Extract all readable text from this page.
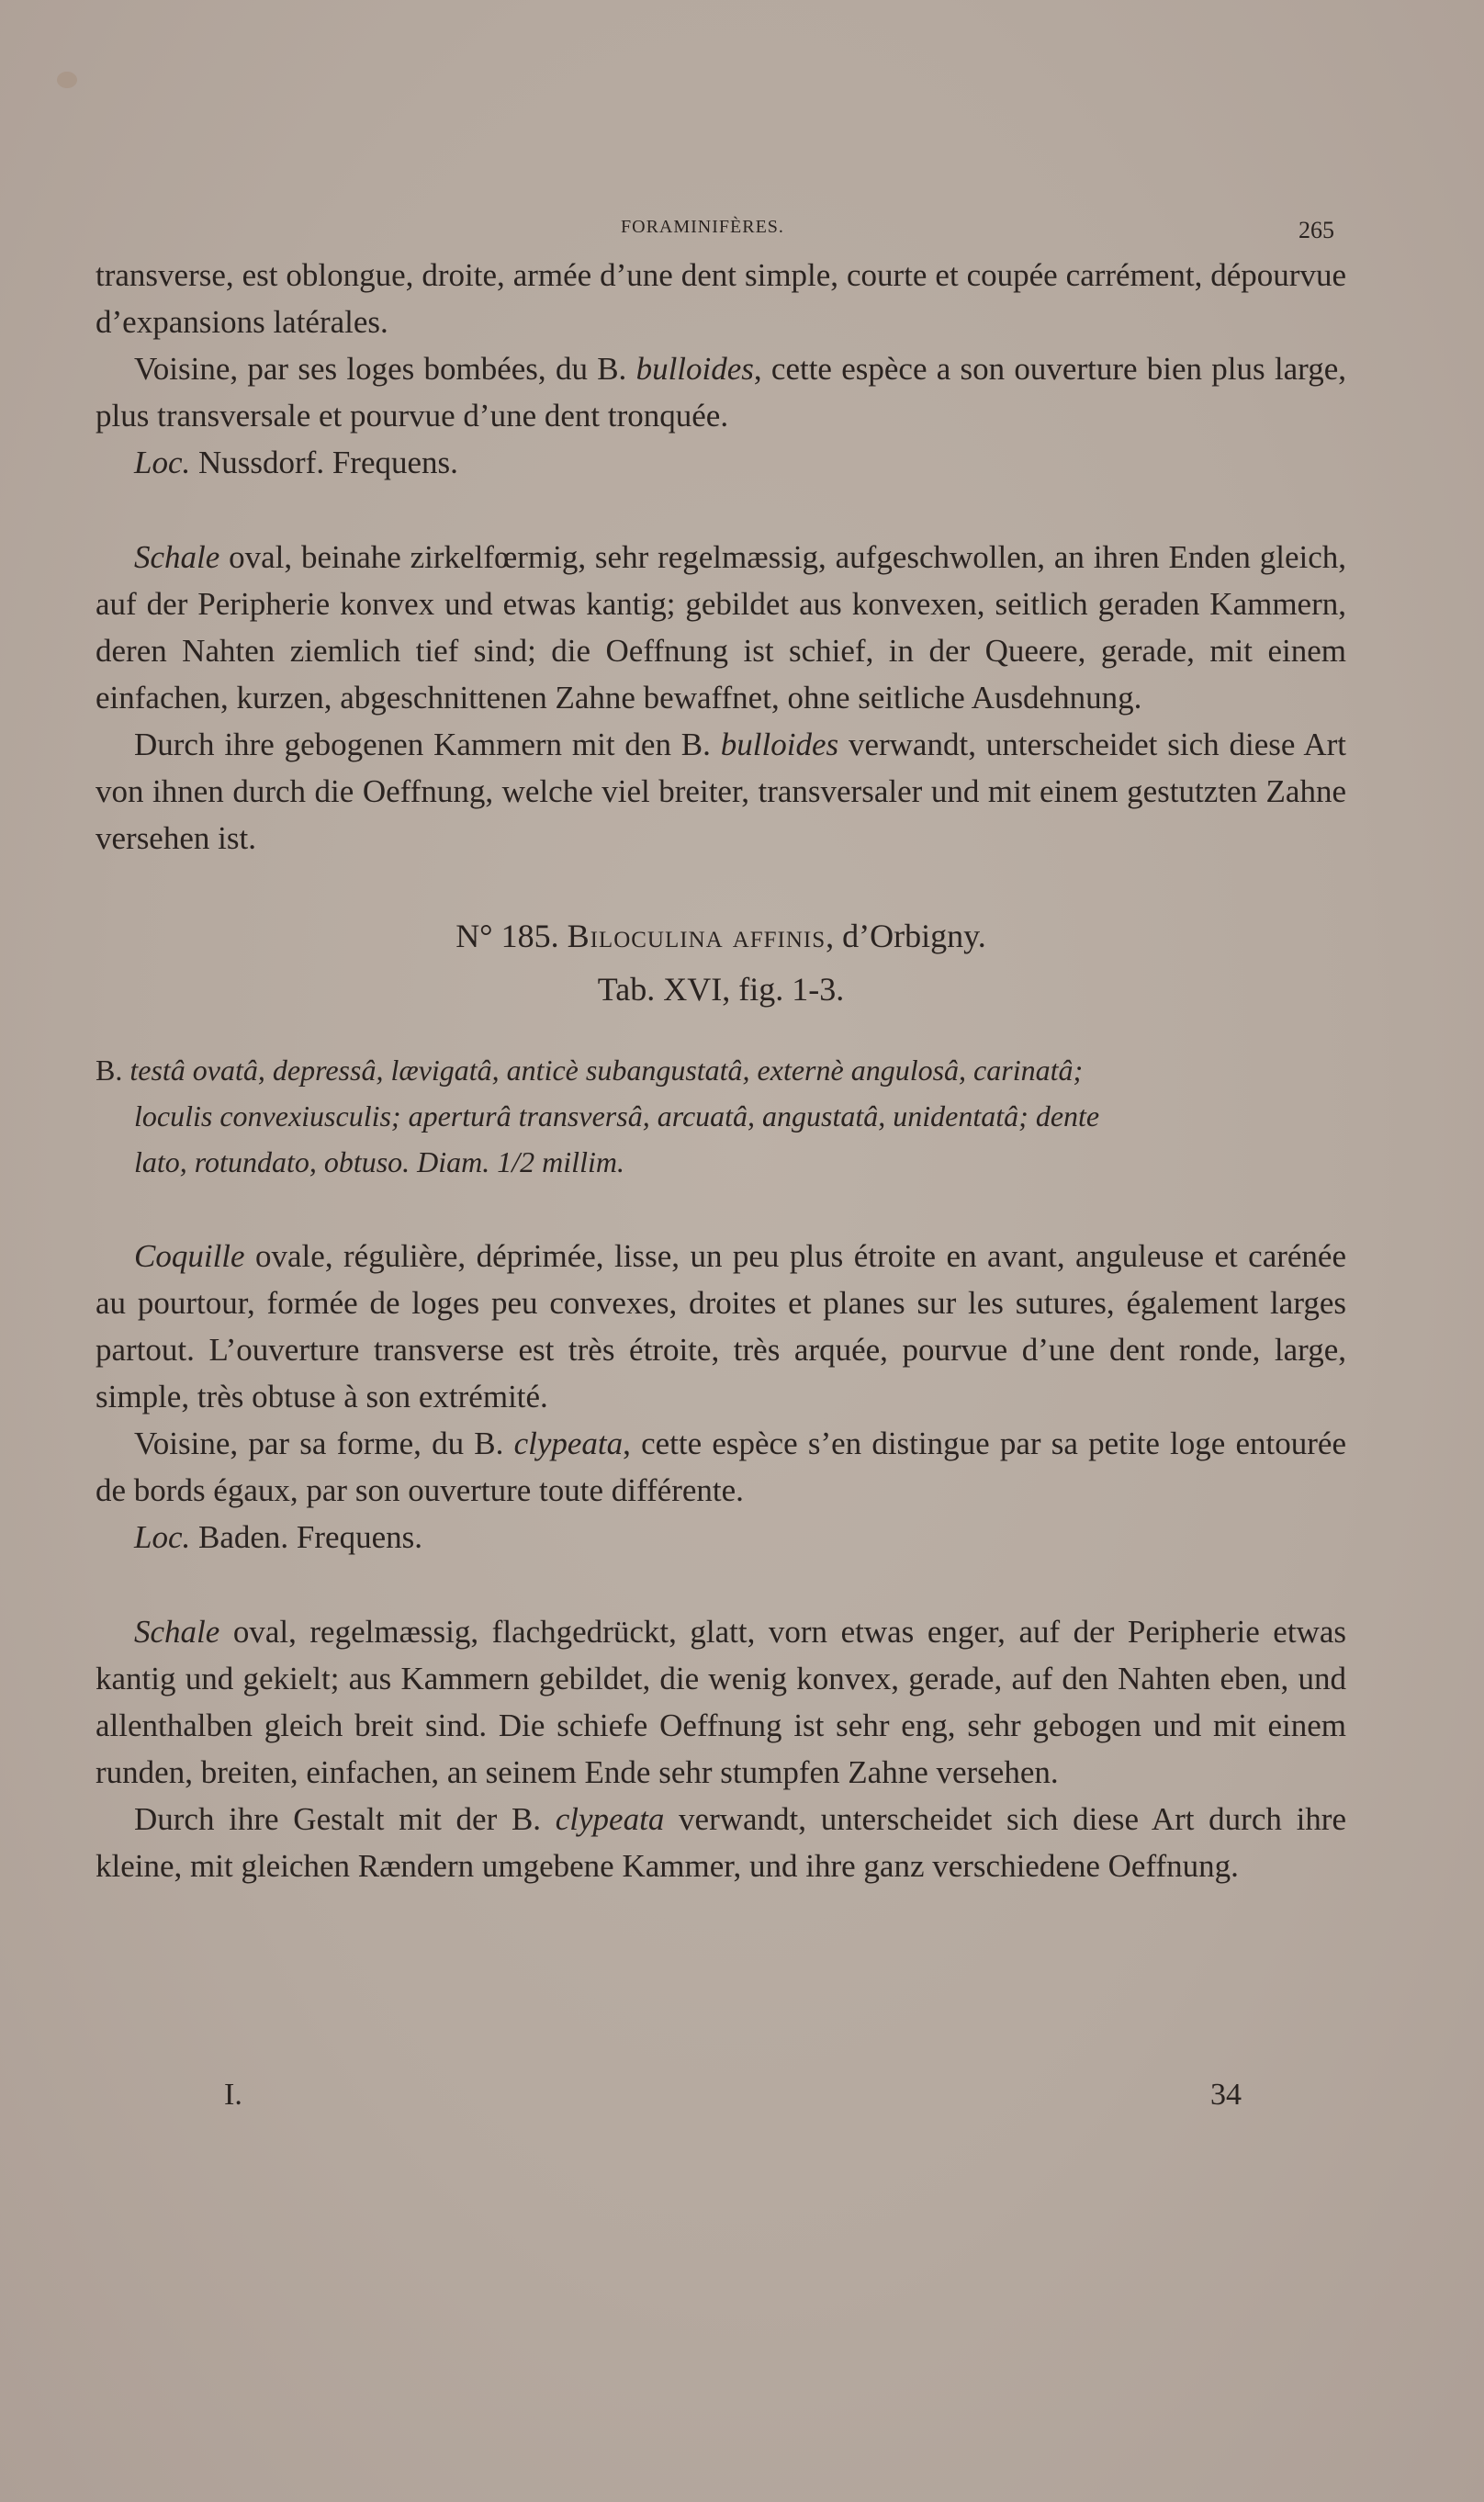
FORAMINIFÈRES.	265

transverse, est oblongue, droite, armée d’une dent simple, courte et coupée carrément, dépourvue d’expansions latérales.

Voisine, par ses loges bombées, du B. bulloides, cette espèce a son ouverture bien plus large, plus transversale et pourvue d’une dent tronquée.

Loc. Nussdorf. Frequens.

Schale oval, beinahe zirkelfœrmig, sehr regelmæssig, aufgeschwollen, an ihren Enden gleich, auf der Peripherie konvex und etwas kantig; gebildet aus konvexen, seitlich geraden Kammern, deren Nahten ziemlich tief sind; die Oeffnung ist schief, in der Queere, gerade, mit einem einfachen, kurzen, abgeschnittenen Zahne bewaffnet, ohne seitliche Ausdehnung.

Durch ihre gebogenen Kammern mit den B. bulloides verwandt, unterscheidet sich diese Art von ihnen durch die Oeffnung, welche viel breiter, transversaler und mit einem gestutzten Zahne versehen ist.

N° 185. Biloculina affinis, d’Orbigny.

Tab. XVI, fig. 1-3.

B. testâ ovatâ, depressâ, lævigatâ, anticè subangustatâ, externè angulosâ, carinatâ;
loculis convexiusculis; aperturâ transversâ, arcuatâ, angustatâ, unidentatâ; dente
lato, rotundato, obtuso. Diam. 1/2 millim.

Coquille ovale, régulière, déprimée, lisse, un peu plus étroite en avant, anguleuse et carénée au pourtour, formée de loges peu convexes, droites et planes sur les sutures, également larges partout. L’ouverture transverse est très étroite, très arquée, pourvue d’une dent ronde, large, simple, très obtuse à son extrémité.

Voisine, par sa forme, du B. clypeata, cette espèce s’en distingue par sa petite loge entourée de bords égaux, par son ouverture toute différente.

Loc. Baden. Frequens.

Schale oval, regelmæssig, flachgedrückt, glatt, vorn etwas enger, auf der Peripherie etwas kantig und gekielt; aus Kammern gebildet, die wenig konvex, gerade, auf den Nahten eben, und allenthalben gleich breit sind. Die schiefe Oeffnung ist sehr eng, sehr gebogen und mit einem runden, breiten, einfachen, an seinem Ende sehr stumpfen Zahne versehen.

Durch ihre Gestalt mit der B. clypeata verwandt, unterscheidet sich diese Art durch ihre kleine, mit gleichen Rændern umgebene Kammer, und ihre ganz verschiedene Oeffnung.

I.	34
